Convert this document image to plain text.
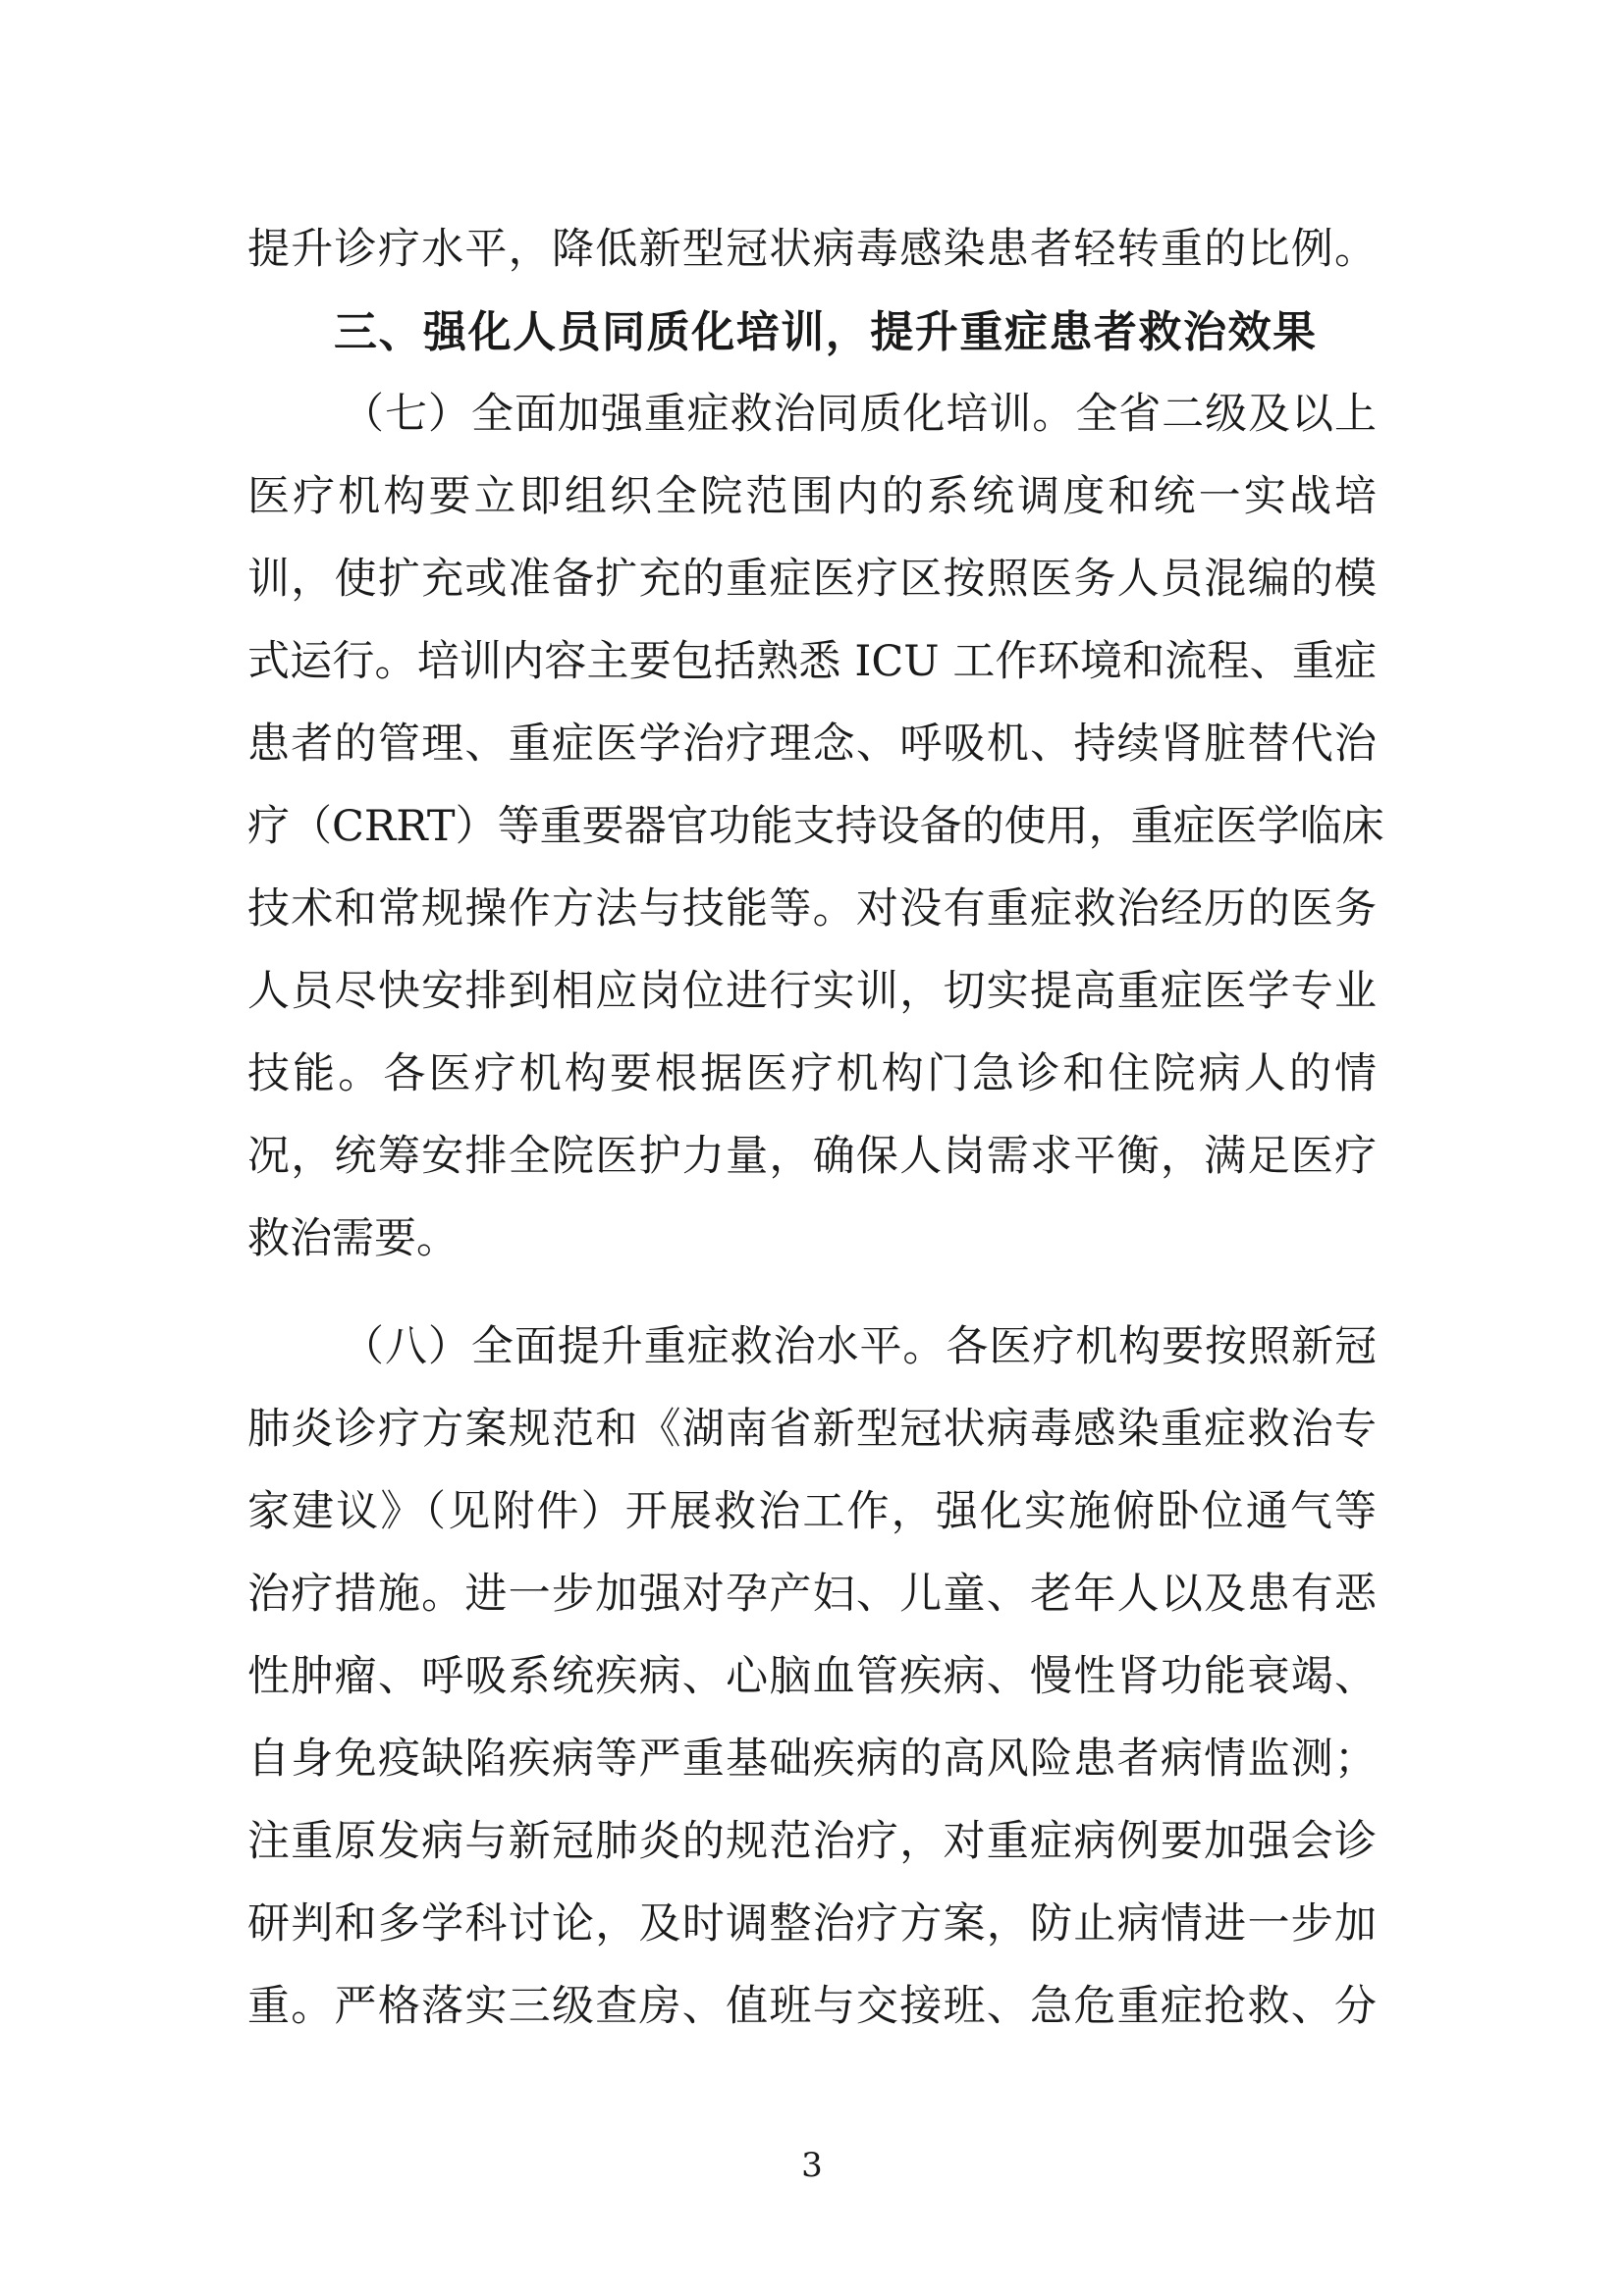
提升诊疗水平，降低新型冠状病毒感染患者轻转重的比例。
三、强化人员同质化培训，提升重症患者救治效果
（七）全面加强重症救治同质化培训。全省二级及以上
医疗机构要立即组织全院范围内的系统调度和统一实战培
训，使扩充或准备扩充的重症医疗区按照医务人员混编的模
式运行。培训内容主要包括熟悉 ICU 工作环境和流程、重症
患者的管理、重症医学治疗理念、呼吸机、持续肾脏替代治
疗（CRRT）等重要器官功能支持设备的使用，重症医学临床
技术和常规操作方法与技能等。对没有重症救治经历的医务
人员尽快安排到相应岗位进行实训，切实提高重症医学专业
技能。各医疗机构要根据医疗机构门急诊和住院病人的情
况，统筹安排全院医护力量，确保人岗需求平衡，满足医疗
救治需要。
（八）全面提升重症救治水平。各医疗机构要按照新冠
肺炎诊疗方案规范和《湖南省新型冠状病毒感染重症救治专
家建议》（见附件）开展救治工作，强化实施俯卧位通气等
治疗措施。进一步加强对孕产妇、儿童、老年人以及患有恶
性肿瘤、呼吸系统疾病、心脑血管疾病、慢性肾功能衰竭、
自身免疫缺陷疾病等严重基础疾病的高风险患者病情监测；
注重原发病与新冠肺炎的规范治疗，对重症病例要加强会诊
研判和多学科讨论，及时调整治疗方案，防止病情进一步加
重。严格落实三级查房、值班与交接班、急危重症抢救、分
3
